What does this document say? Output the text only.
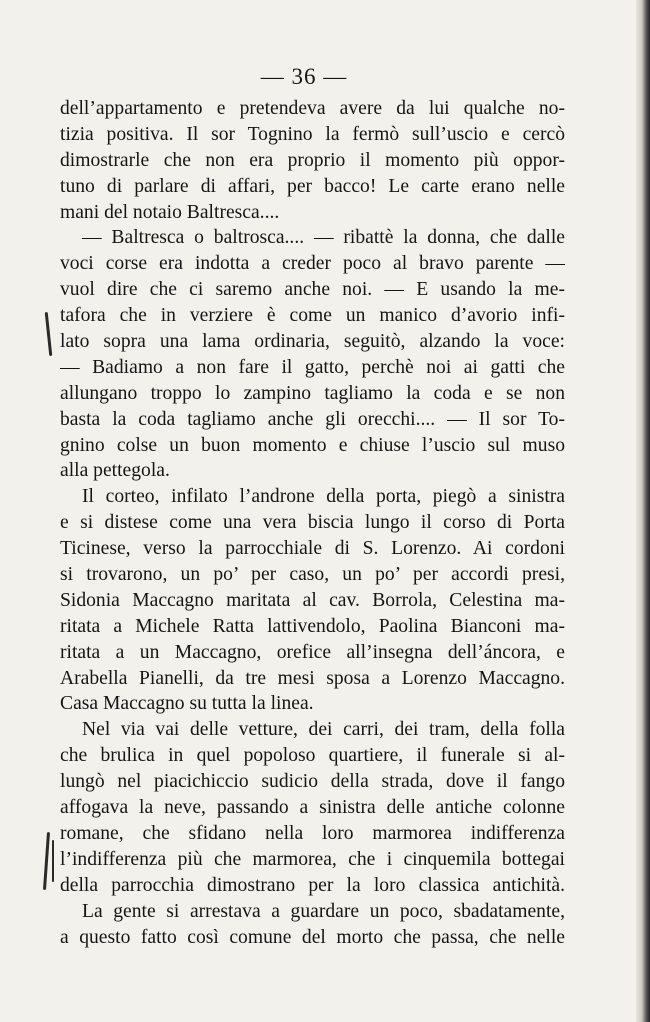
— 36 —
dell’appartamento e pretendeva avere da lui qualche no-
tizia positiva. Il sor Tognino la fermò sull’uscio e cercò
dimostrarle che non era proprio il momento più oppor-
tuno di parlare di affari, per bacco! Le carte erano nelle
mani del notaio Baltresca....
— Baltresca o baltrosca.... — ribattè la donna, che dalle
voci corse era indotta a creder poco al bravo parente —
vuol dire che ci saremo anche noi. — E usando la me-
tafora che in verziere è come un manico d’avorio infi-
lato sopra una lama ordinaria, seguitò, alzando la voce:
— Badiamo a non fare il gatto, perchè noi ai gatti che
allungano troppo lo zampino tagliamo la coda e se non
basta la coda tagliamo anche gli orecchi.... — Il sor To-
gnino colse un buon momento e chiuse l’uscio sul muso
alla pettegola.
Il corteo, infilato l’androne della porta, piegò a sinistra
e si distese come una vera biscia lungo il corso di Porta
Ticinese, verso la parrocchiale di S. Lorenzo. Ai cordoni
si trovarono, un po’ per caso, un po’ per accordi presi,
Sidonia Maccagno maritata al cav. Borrola, Celestina ma-
ritata a Michele Ratta lattivendolo, Paolina Bianconi ma-
ritata a un Maccagno, orefice all’insegna dell’áncora, e
Arabella Pianelli, da tre mesi sposa a Lorenzo Maccagno.
Casa Maccagno su tutta la linea.
Nel via vai delle vetture, dei carri, dei tram, della folla
che brulica in quel popoloso quartiere, il funerale si al-
lungò nel piacichiccio sudicio della strada, dove il fango
affogava la neve, passando a sinistra delle antiche colonne
romane, che sfidano nella loro marmorea indifferenza
l’indifferenza più che marmorea, che i cinquemila bottegai
della parrocchia dimostrano per la loro classica antichità.
La gente si arrestava a guardare un poco, sbadatamente,
a questo fatto così comune del morto che passa, che nelle
